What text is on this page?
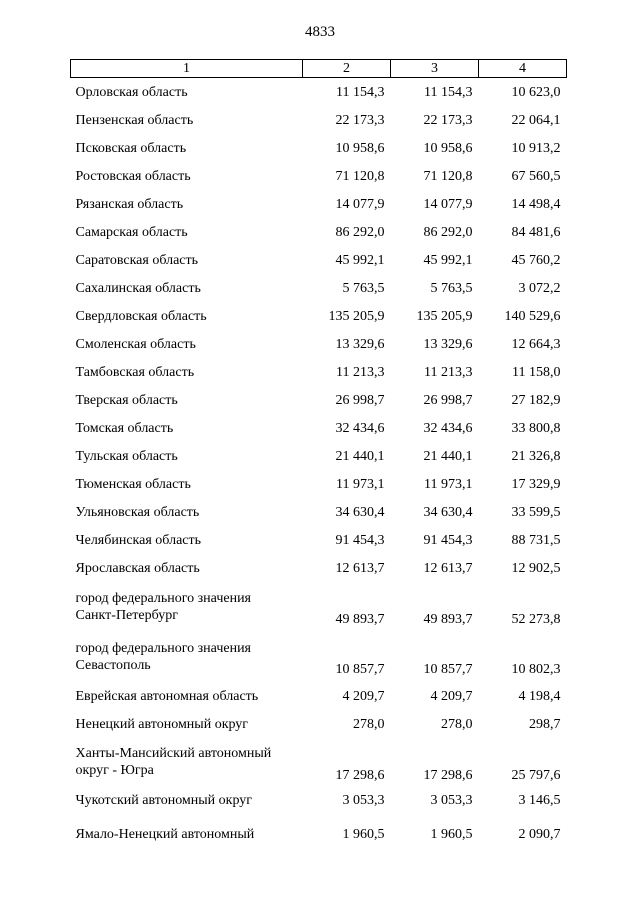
4833
1	2	3	4
Орловская область	11 154,3	11 154,3	10 623,0
Пензенская область	22 173,3	22 173,3	22 064,1
Псковская область	10 958,6	10 958,6	10 913,2
Ростовская область	71 120,8	71 120,8	67 560,5
Рязанская область	14 077,9	14 077,9	14 498,4
Самарская область	86 292,0	86 292,0	84 481,6
Саратовская область	45 992,1	45 992,1	45 760,2
Сахалинская область	5 763,5	5 763,5	3 072,2
Свердловская область	135 205,9	135 205,9	140 529,6
Смоленская область	13 329,6	13 329,6	12 664,3
Тамбовская область	11 213,3	11 213,3	11 158,0
Тверская область	26 998,7	26 998,7	27 182,9
Томская область	32 434,6	32 434,6	33 800,8
Тульская область	21 440,1	21 440,1	21 326,8
Тюменская область	11 973,1	11 973,1	17 329,9
Ульяновская область	34 630,4	34 630,4	33 599,5
Челябинская область	91 454,3	91 454,3	88 731,5
Ярославская область	12 613,7	12 613,7	12 902,5

город федерального значения
Санкт-Петербург	49 893,7	49 893,7	52 273,8

город федерального значения
Севастополь	10 857,7	10 857,7	10 802,3
Еврейская автономная область	4 209,7	4 209,7	4 198,4
Ненецкий автономный округ	278,0	278,0	298,7

Ханты-Мансийский автономный
округ - Югра	17 298,6	17 298,6	25 797,6
Чукотский автономный округ	3 053,3	3 053,3	3 146,5
Ямало-Ненецкий автономный	1 960,5	1 960,5	2 090,7
